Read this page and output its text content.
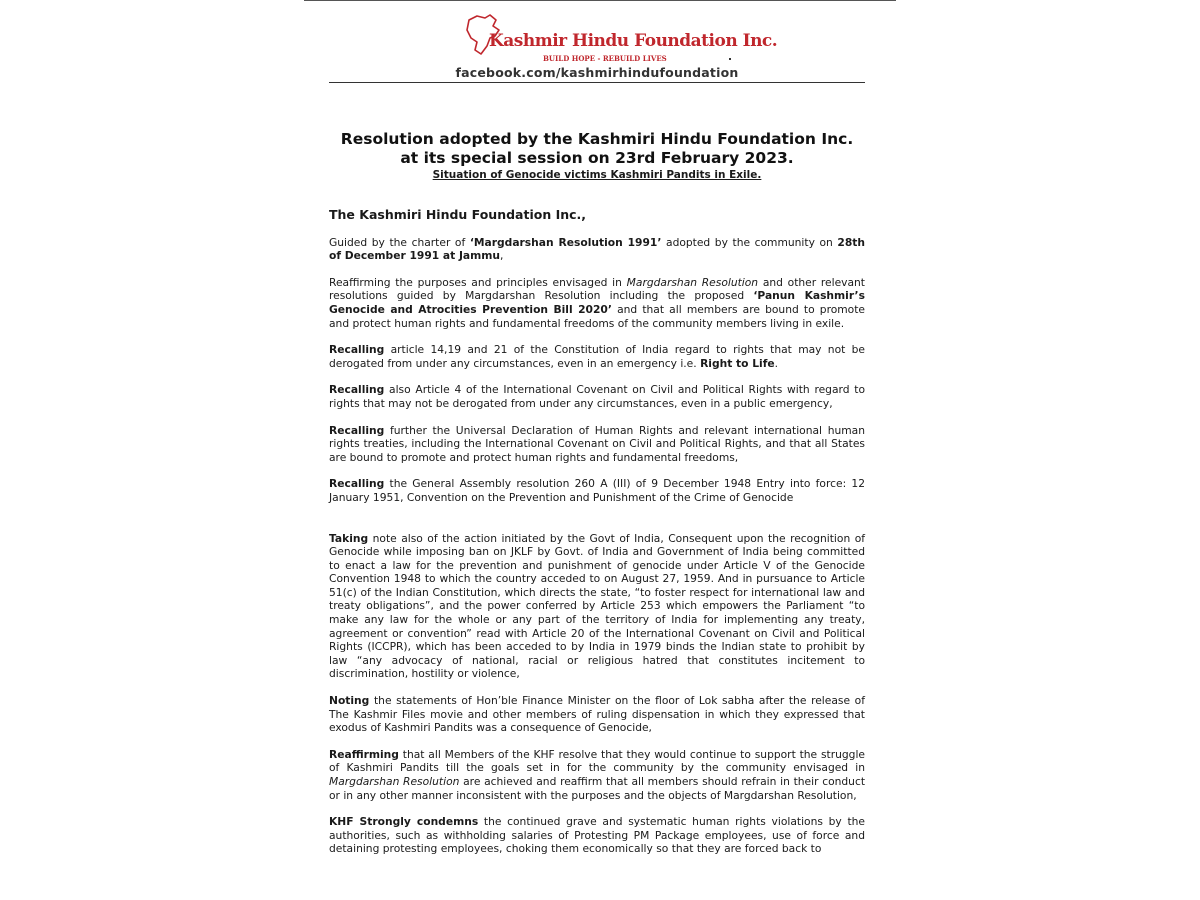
Kashmir Hindu Foundation Inc.
BUILD HOPE - REBUILD LIVES
facebook.com/kashmirhindufoundation
Resolution adopted by the Kashmiri Hindu Foundation Inc.
at its special session on 23rd February 2023.
Situation of Genocide victims Kashmiri Pandits in Exile.

The Kashmiri Hindu Foundation Inc.,

Guided by the charter of ‘Margdarshan Resolution 1991’ adopted by the community on 28th of December 1991 at Jammu,

Reaffirming the purposes and principles envisaged in Margdarshan Resolution and other relevant resolutions guided by Margdarshan Resolution including the proposed ‘Panun Kashmir’s Genocide and Atrocities Prevention Bill 2020’ and that all members are bound to promote and protect human rights and fundamental freedoms of the community members living in exile.

Recalling article 14,19 and 21 of the Constitution of India regard to rights that may not be derogated from under any circumstances, even in an emergency i.e. Right to Life.

Recalling also Article 4 of the International Covenant on Civil and Political Rights with regard to rights that may not be derogated from under any circumstances, even in a public emergency,

Recalling further the Universal Declaration of Human Rights and relevant international human rights treaties, including the International Covenant on Civil and Political Rights, and that all States are bound to promote and protect human rights and fundamental freedoms,

Recalling the General Assembly resolution 260 A (III) of 9 December 1948 Entry into force: 12 January 1951, Convention on the Prevention and Punishment of the Crime of Genocide

Taking note also of the action initiated by the Govt of India, Consequent upon the recognition of Genocide while imposing ban on JKLF by Govt. of India and Government of India being committed to enact a law for the prevention and punishment of genocide under Article V of the Genocide Convention 1948 to which the country acceded to on August 27, 1959. And in pursuance to Article 51(c) of the Indian Constitution, which directs the state, “to foster respect for international law and treaty obligations”, and the power conferred by Article 253 which empowers the Parliament “to make any law for the whole or any part of the territory of India for implementing any treaty, agreement or convention” read with Article 20 of the International Covenant on Civil and Political Rights (ICCPR), which has been acceded to by India in 1979 binds the Indian state to prohibit by law “any advocacy of national, racial or religious hatred that constitutes incitement to discrimination, hostility or violence,

Noting the statements of Hon’ble Finance Minister on the floor of Lok sabha after the release of The Kashmir Files movie and other members of ruling dispensation in which they expressed that exodus of Kashmiri Pandits was a consequence of Genocide,

Reaffirming that all Members of the KHF resolve that they would continue to support the struggle of Kashmiri Pandits till the goals set in for the community by the community envisaged in Margdarshan Resolution are achieved and reaffirm that all members should refrain in their conduct or in any other manner inconsistent with the purposes and the objects of Margdarshan Resolution,

KHF Strongly condemns the continued grave and systematic human rights violations by the authorities, such as withholding salaries of Protesting PM Package employees, use of force and detaining protesting employees, choking them economically so that they are forced back to
